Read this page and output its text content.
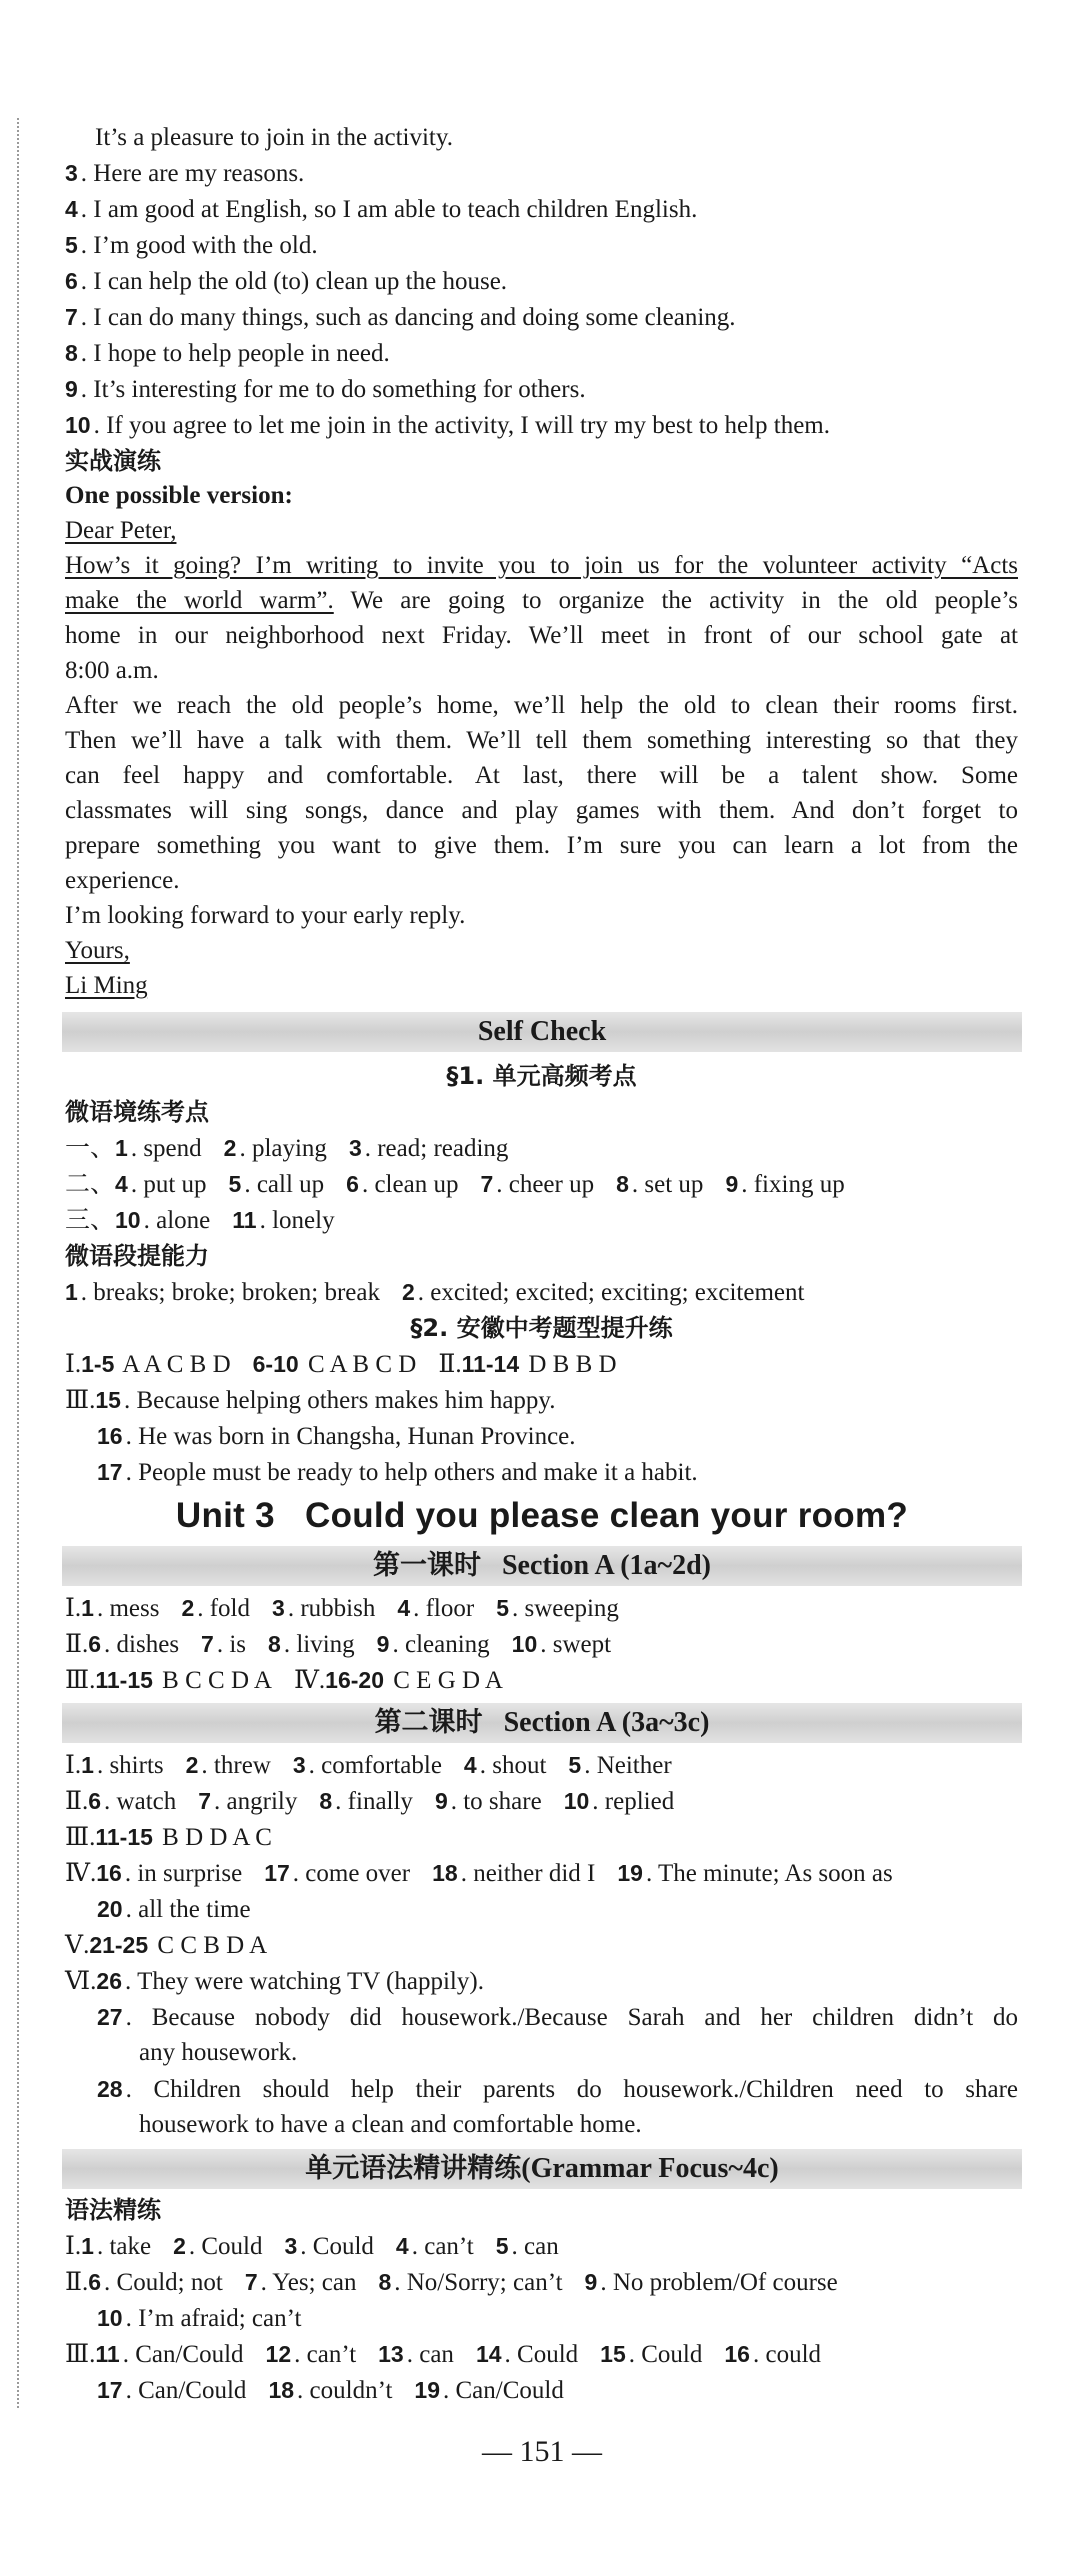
It’s a pleasure to join in the activity.
3 . Here are my reasons.
4 . I am good at English, so I am able to teach children English.
5 . I’m good with the old.
6 . I can help the old (to) clean up the house.
7 . I can do many things, such as dancing and doing some cleaning.
8 . I hope to help people in need.
9 . It’s interesting for me to do something for others.
10 . If you agree to let me join in the activity, I will try my best to help them.
实战演练
One possible version:
Dear Peter,
How’s it going? I’m writing to invite you to join us for the volunteer activity “Acts
make the world warm”. We are going to organize the activity in the old people’s
home in our neighborhood next Friday. We’ll meet in front of our school gate at
8:00 a.m.
After we reach the old people’s home, we’ll help the old to clean their rooms first.
Then we’ll have a talk with them. We’ll tell them something interesting so that they
can feel happy and comfortable. At last, there will be a talent show. Some
classmates will sing songs, dance and play games with them. And don’t forget to
prepare something you want to give them. I’m sure you can learn a lot from the
experience.
I’m looking forward to your early reply.
Yours,
Li Ming
Self Check
§1. 单元高频考点
微语境练考点
一、1 . spend 2 . playing 3 . read; reading
二、4 . put up 5 . call up 6 . clean up 7 . cheer up 8 . set up 9 . fixing up
三、10 . alone 11 . lonely
微语段提能力
1 . breaks; broke; broken; break 2 . excited; excited; exciting; excitement
§2. 安徽中考题型提升练
Ⅰ.1-5 A A C B D 6-10 C A B C D Ⅱ.11-14 D B B D
Ⅲ.15 . Because helping others makes him happy.
16 . He was born in Changsha, Hunan Province.
17 . People must be ready to help others and make it a habit.
Unit 3   Could you please clean your room?
第一课时 Section A (1a~2d)
Ⅰ.1 . mess 2 . fold 3 . rubbish 4 . floor 5 . sweeping
Ⅱ.6 . dishes 7 . is 8 . living 9 . cleaning 10 . swept
Ⅲ.11-15 B C C D A Ⅳ.16-20 C E G D A
第二课时 Section A (3a~3c)
Ⅰ.1 . shirts 2 . threw 3 . comfortable 4 . shout 5 . Neither
Ⅱ.6 . watch 7 . angrily 8 . finally 9 . to share 10 . replied
Ⅲ.11-15 B D D A C
Ⅳ.16 . in surprise 17 . come over 18 . neither did I 19 . The minute; As soon as
20 . all the time
Ⅴ.21-25 C C B D A
Ⅵ.26 . They were watching TV (happily).
27 . Because nobody did housework./Because Sarah and her children didn’t do
any housework.
28 . Children should help their parents do housework./Children need to share
housework to have a clean and comfortable home.
单元语法精讲精练(Grammar Focus~4c)
语法精练
Ⅰ.1 . take 2 . Could 3 . Could 4 . can’t 5 . can
Ⅱ.6 . Could; not 7 . Yes; can 8 . No/Sorry; can’t 9 . No problem/Of course
10 . I’m afraid; can’t
Ⅲ.11 . Can/Could 12 . can’t 13 . can 14 . Could 15 . Could 16 . could
17 . Can/Could 18 . couldn’t 19 . Can/Could
— 151 —
